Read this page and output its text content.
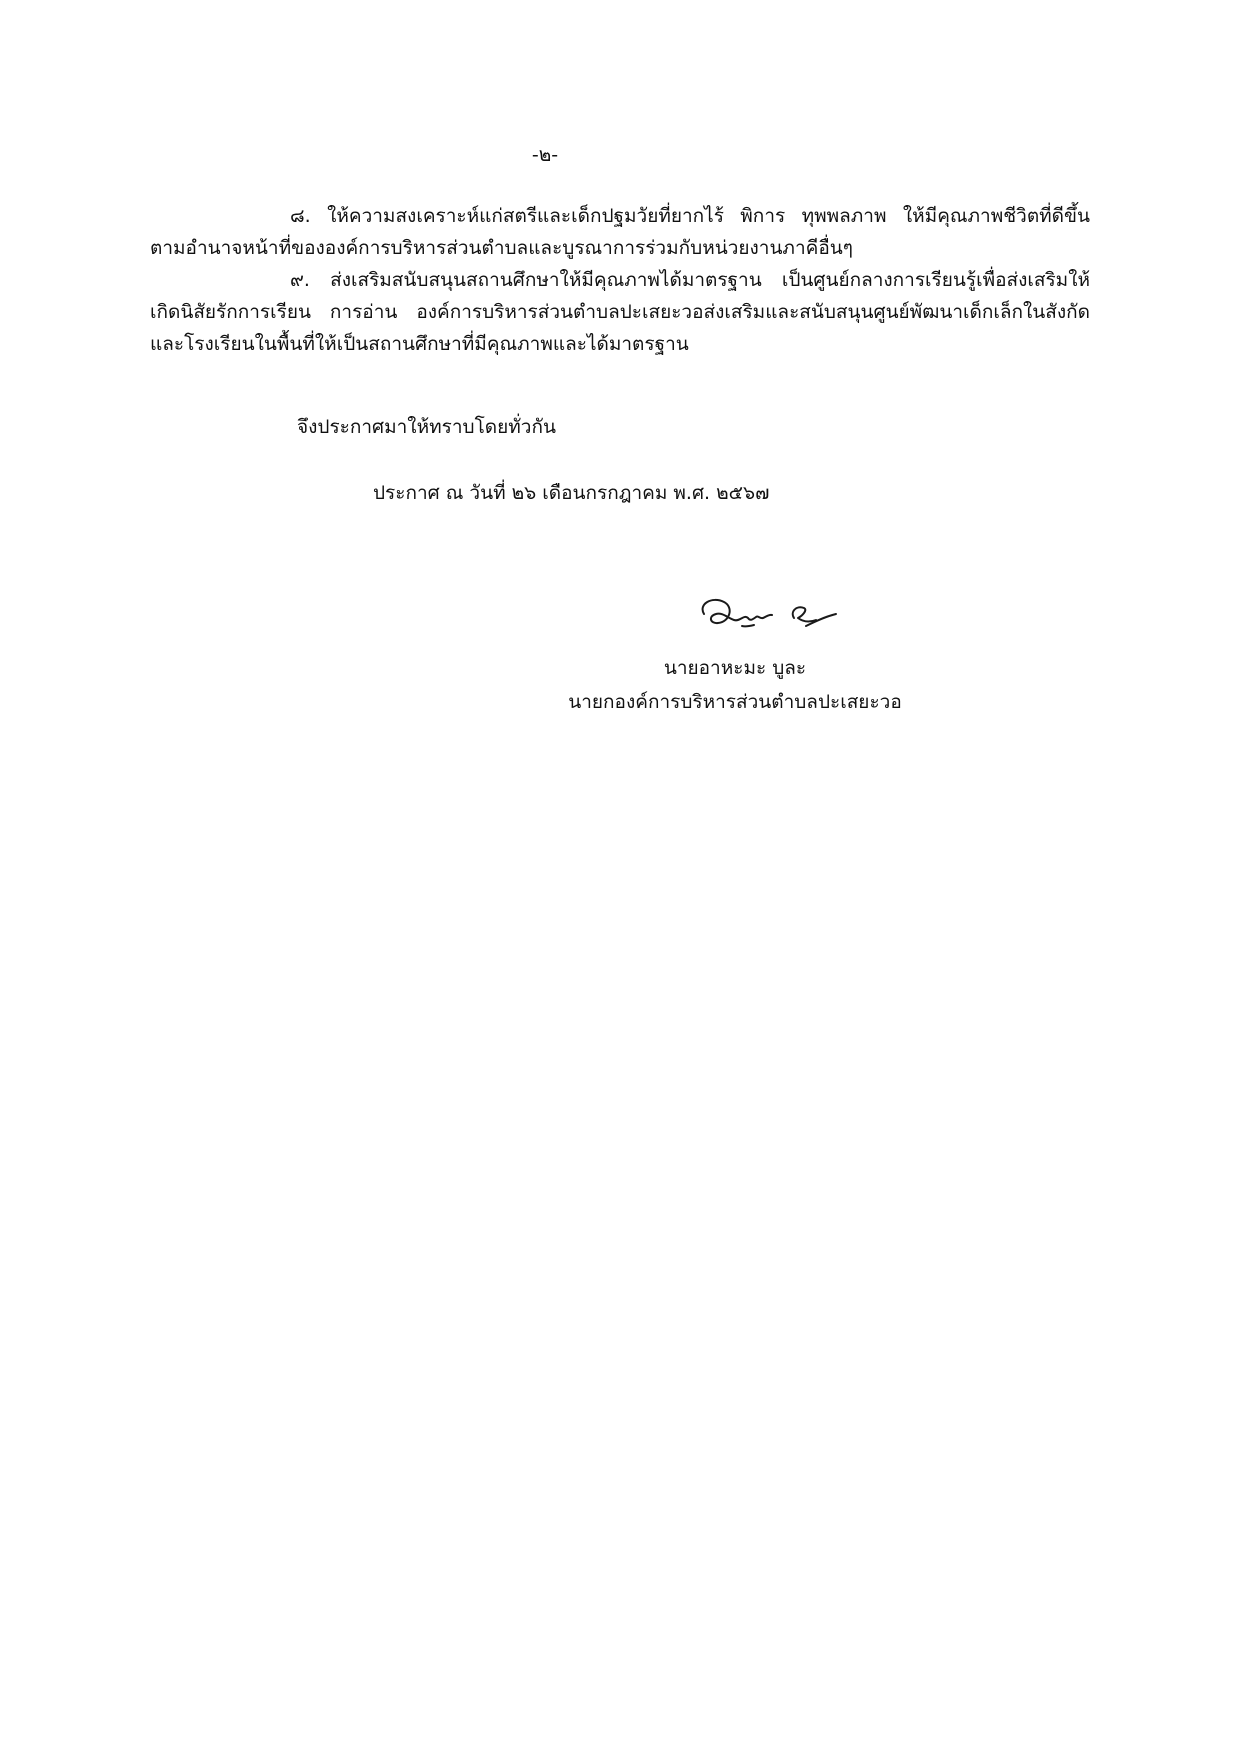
-๒-

๘. ให้ความสงเคราะห์แก่สตรีและเด็กปฐมวัยที่ยากไร้ พิการ ทุพพลภาพ ให้มีคุณภาพชีวิตที่ดีขึ้น ตามอำนาจหน้าที่ขององค์การบริหารส่วนตำบลและบูรณาการร่วมกับหน่วยงานภาคีอื่นๆ

๙. ส่งเสริมสนับสนุนสถานศึกษาให้มีคุณภาพได้มาตรฐาน เป็นศูนย์กลางการเรียนรู้เพื่อส่งเสริมให้เกิดนิสัยรักการเรียน การอ่าน องค์การบริหารส่วนตำบลปะเสยะวอส่งเสริมและสนับสนุนศูนย์พัฒนาเด็กเล็กในสังกัด และโรงเรียนในพื้นที่ให้เป็นสถานศึกษาที่มีคุณภาพและได้มาตรฐาน

จึงประกาศมาให้ทราบโดยทั่วกัน

ประกาศ ณ วันที่ ๒๖ เดือนกรกฎาคม พ.ศ. ๒๕๖๗

นายอาหะมะ บูละ

นายกองค์การบริหารส่วนตำบลปะเสยะวอ
